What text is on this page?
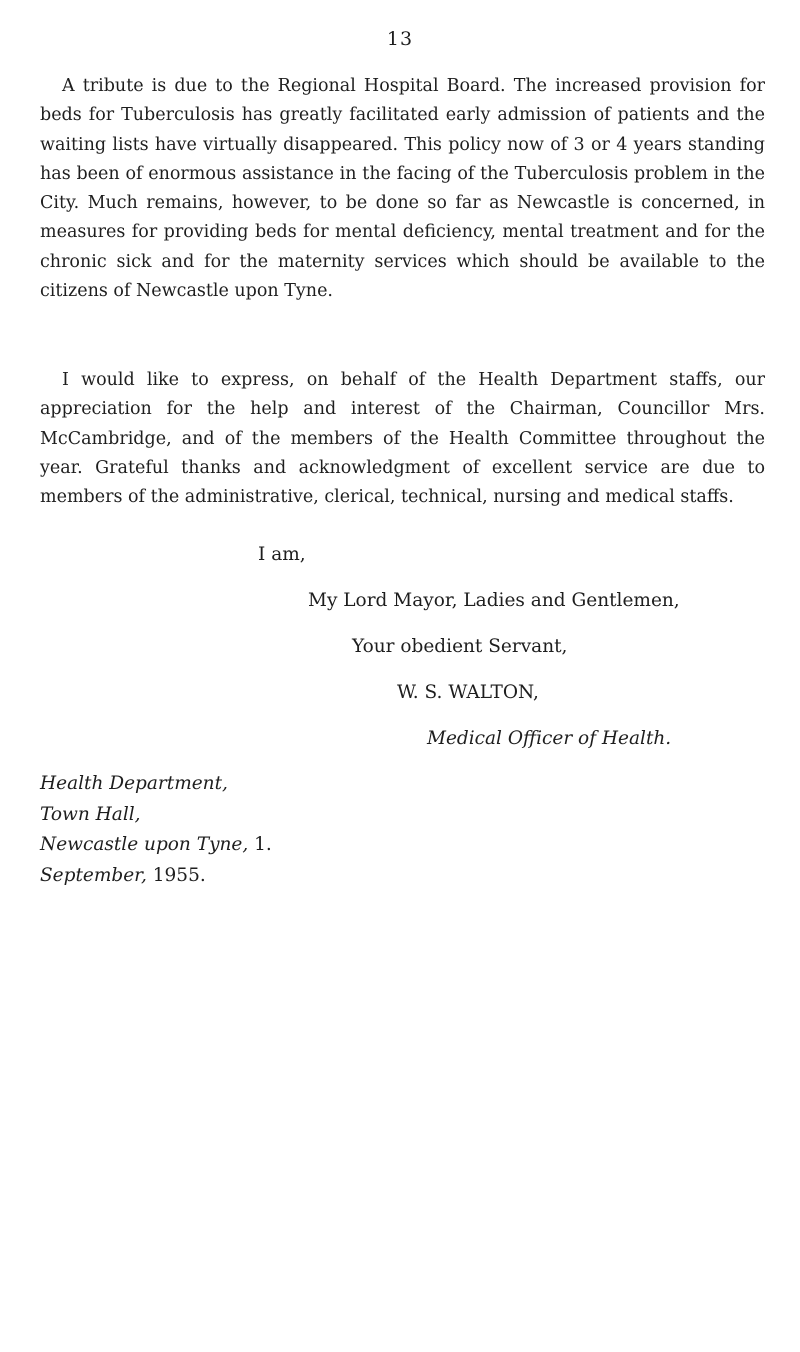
13

A tribute is due to the Regional Hospital Board. The increased provision for beds for Tuberculosis has greatly facilitated early admission of patients and the waiting lists have virtually disappeared. This policy now of 3 or 4 years standing has been of enormous assistance in the facing of the Tuberculosis problem in the City. Much remains, however, to be done so far as Newcastle is concerned, in measures for providing beds for mental deficiency, mental treatment and for the chronic sick and for the maternity services which should be available to the citizens of Newcastle upon Tyne.

I would like to express, on behalf of the Health Department staffs, our appreciation for the help and interest of the Chairman, Councillor Mrs. McCambridge, and of the members of the Health Committee throughout the year. Grateful thanks and acknowledgment of excellent service are due to members of the administrative, clerical, technical, nursing and medical staffs.

I am,
My Lord Mayor, Ladies and Gentlemen,
Your obedient Servant,
W. S. WALTON,
Medical Officer of Health.
Health Department,
Town Hall,
Newcastle upon Tyne, 1.
September, 1955.
